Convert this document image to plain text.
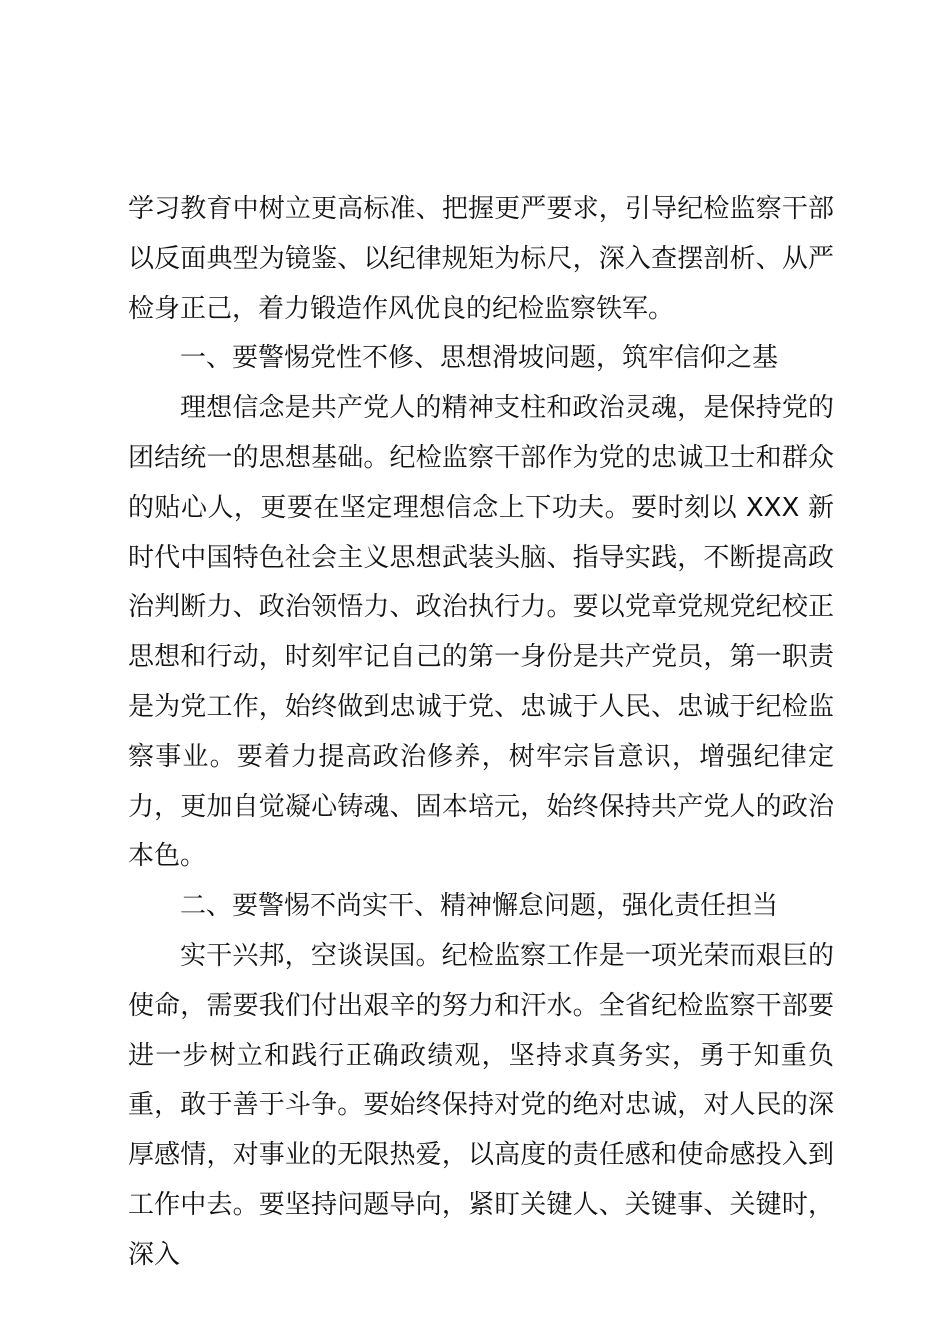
学习教育中树立更高标准、把握更严要求，引导纪检监察干部以反面典型为镜鉴、以纪律规矩为标尺，深入查摆剖析、从严检身正己，着力锻造作风优良的纪检监察铁军。

一、要警惕党性不修、思想滑坡问题，筑牢信仰之基

理想信念是共产党人的精神支柱和政治灵魂，是保持党的团结统一的思想基础。纪检监察干部作为党的忠诚卫士和群众的贴心人，更要在坚定理想信念上下功夫。要时刻以 XXX 新时代中国特色社会主义思想武装头脑、指导实践，不断提高政治判断力、政治领悟力、政治执行力。要以党章党规党纪校正思想和行动，时刻牢记自己的第一身份是共产党员，第一职责是为党工作，始终做到忠诚于党、忠诚于人民、忠诚于纪检监察事业。要着力提高政治修养，树牢宗旨意识，增强纪律定力，更加自觉凝心铸魂、固本培元，始终保持共产党人的政治本色。

二、要警惕不尚实干、精神懈怠问题，强化责任担当

实干兴邦，空谈误国。纪检监察工作是一项光荣而艰巨的使命，需要我们付出艰辛的努力和汗水。全省纪检监察干部要进一步树立和践行正确政绩观，坚持求真务实，勇于知重负重，敢于善于斗争。要始终保持对党的绝对忠诚，对人民的深厚感情，对事业的无限热爱，以高度的责任感和使命感投入到工作中去。要坚持问题导向，紧盯关键人、关键事、关键时，深入
